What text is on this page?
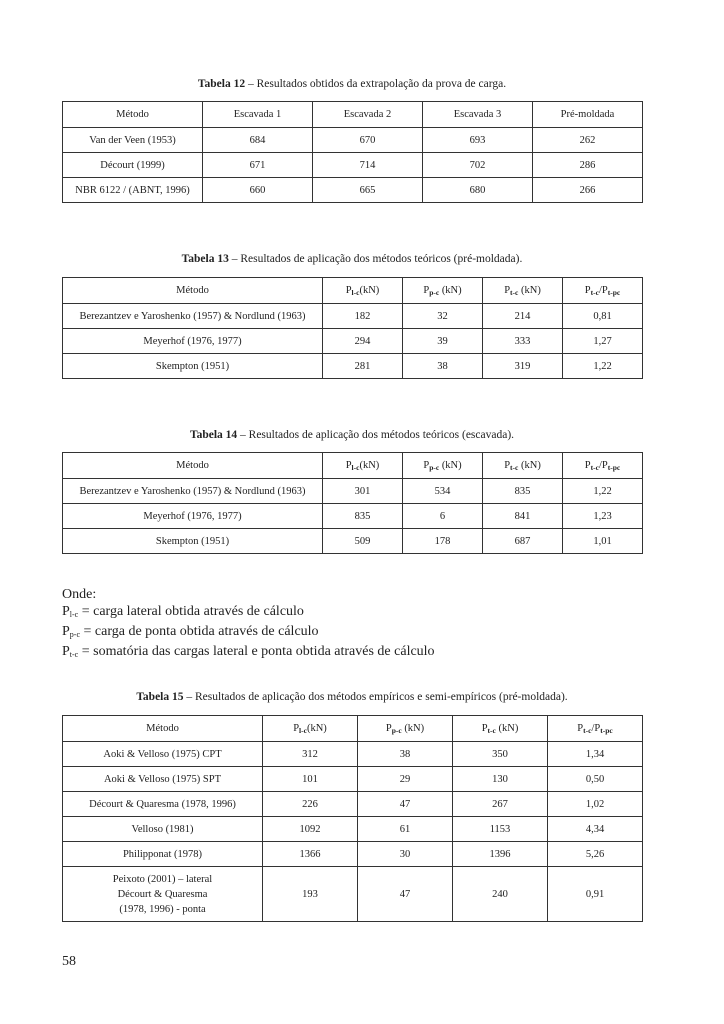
Tabela 12 – Resultados obtidos da extrapolação da prova de carga.
Método	Escavada 1	Escavada 2	Escavada 3	Pré-moldada
Van der Veen (1953)	684	670	693	262
Décourt (1999)	671	714	702	286
NBR 6122 / (ABNT, 1996)	660	665	680	266
Tabela 13 – Resultados de aplicação dos métodos teóricos (pré-moldada).
Método	$P_{l-c}(kN)$	$P_{p-c}$ (kN)	$P_{t-c}$ (kN)	$P_{t-c}/P_{t-pc}$
Berezantzev e Yaroshenko (1957) & Nordlund (1963)	182	32	214	0,81
Meyerhof (1976, 1977)	294	39	333	1,27
Skempton (1951)	281	38	319	1,22
Tabela 14 – Resultados de aplicação dos métodos teóricos (escavada).
Método	$P_{l-c}(kN)$	$P_{p-c}$ (kN)	$P_{t-c}$ (kN)	$P_{t-c}/P_{t-pc}$
Berezantzev e Yaroshenko (1957) & Nordlund (1963)	301	534	835	1,22
Meyerhof (1976, 1977)	835	6	841	1,23
Skempton (1951)	509	178	687	1,01
Onde:
$P_{l-c}$ = carga lateral obtida através de cálculo
$P_{p-c}$ = carga de ponta obtida através de cálculo
$P_{t-c}$ = somatória das cargas lateral e ponta obtida através de cálculo
Tabela 15 – Resultados de aplicação dos métodos empíricos e semi-empíricos (pré-moldada).
Método	$P_{l-c}(kN)$	$P_{p-c}$ (kN)	$P_{t-c}$ (kN)	$P_{t-c}/P_{t-pc}$
Aoki & Velloso (1975) CPT	312	38	350	1,34
Aoki & Velloso (1975) SPT	101	29	130	0,50
Décourt & Quaresma (1978, 1996)	226	47	267	1,02
Velloso (1981)	1092	61	1153	4,34
Philipponat (1978)	1366	30	1396	5,26

Peixoto (2001) – lateral
Décourt & Quaresma
(1978, 1996) - ponta	193	47	240	0,91
58
